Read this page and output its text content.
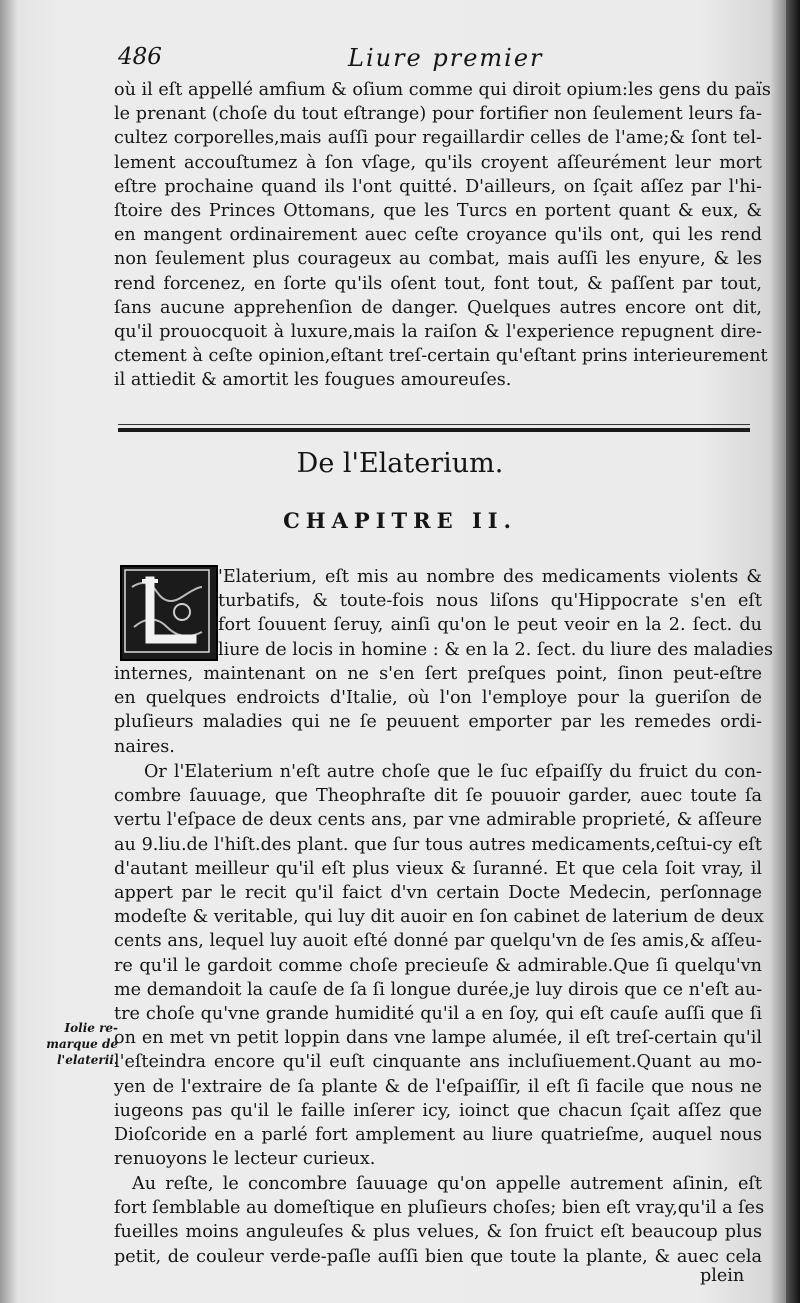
486	Liure premier
où il eſt appellé amfium & oſium comme qui diroit opium:les gens du païs
le prenant (choſe du tout eſtrange) pour fortifier non ſeulement leurs fa-
cultez corporelles,mais auſſi pour regaillardir celles de l'ame;& ſont tel-
lement accouſtumez à ſon vſage, qu'ils croyent aſſeurément leur mort
eſtre prochaine quand ils l'ont quitté. D'ailleurs, on ſçait aſſez par l'hi-
ſtoire des Princes Ottomans, que les Turcs en portent quant & eux, &
en mangent ordinairement auec ceſte croyance qu'ils ont, qui les rend
non ſeulement plus courageux au combat, mais auſſi les enyure, & les
rend forcenez, en ſorte qu'ils oſent tout, font tout, & paſſent par tout,
ſans aucune apprehenſion de danger. Quelques autres encore ont dit,
qu'il prouocquoit à luxure,mais la raiſon & l'experience repugnent dire-
ctement à ceſte opinion,eſtant treſ-certain qu'eſtant prins interieurement
il attiedit & amortit les fougues amoureuſes.
De l'Elaterium.
CHAPITRE II.
'Elaterium, eſt mis au nombre des medicaments violents &
turbatifs, & toute-fois nous liſons qu'Hippocrate s'en eſt
fort ſouuent ſeruy, ainſi qu'on le peut veoir en la 2. ſect. du
liure de locis in homine : & en la 2. ſect. du liure des maladies
internes, maintenant on ne s'en ſert preſques point, ſinon peut-eſtre
en quelques endroicts d'Italie, où l'on l'employe pour la gueriſon de
pluſieurs maladies qui ne ſe peuuent emporter par les remedes ordi-
naires.
Or l'Elaterium n'eſt autre choſe que le ſuc eſpaiſſy du fruict du con-
combre ſauuage, que Theophraſte dit ſe pouuoir garder, auec toute ſa
vertu l'eſpace de deux cents ans, par vne admirable proprieté, & aſſeure
au 9.liu.de l'hiſt.des plant. que ſur tous autres medicaments,ceſtui-cy eſt
d'autant meilleur qu'il eſt plus vieux & ſuranné. Et que cela ſoit vray, il
appert par le recit qu'il faict d'vn certain Docte Medecin, perſonnage
modeſte & veritable, qui luy dit auoir en ſon cabinet de laterium de deux
cents ans, lequel luy auoit eſté donné par quelqu'vn de ſes amis,& aſſeu-
re qu'il le gardoit comme choſe precieuſe & admirable.Que ſi quelqu'vn
me demandoit la cauſe de ſa ſi longue durée,je luy dirois que ce n'eſt au-
tre choſe qu'vne grande humidité qu'il a en ſoy, qui eſt cauſe auſſi que ſi
on en met vn petit loppin dans vne lampe alumée, il eſt treſ-certain qu'il
l'eſteindra encore qu'il euſt cinquante ans incluſiuement.Quant au mo-
yen de l'extraire de ſa plante & de l'eſpaiſſir, il eſt ſi facile que nous ne
iugeons pas qu'il le faille inſerer icy, ioinct que chacun ſçait aſſez que
Dioſcoride en a parlé fort amplement au liure quatrieſme, auquel nous
renuoyons le lecteur curieux.
Au reſte, le concombre ſauuage qu'on appelle autrement aſinin, eſt
fort ſemblable au domeſtique en pluſieurs choſes; bien eſt vray,qu'il a ſes
fueilles moins anguleuſes & plus velues, & ſon fruict eſt beaucoup plus
petit, de couleur verde-paſle auſſi bien que toute la plante, & auec cela
plein
Iolie re-
marque de
l'elaterii.
